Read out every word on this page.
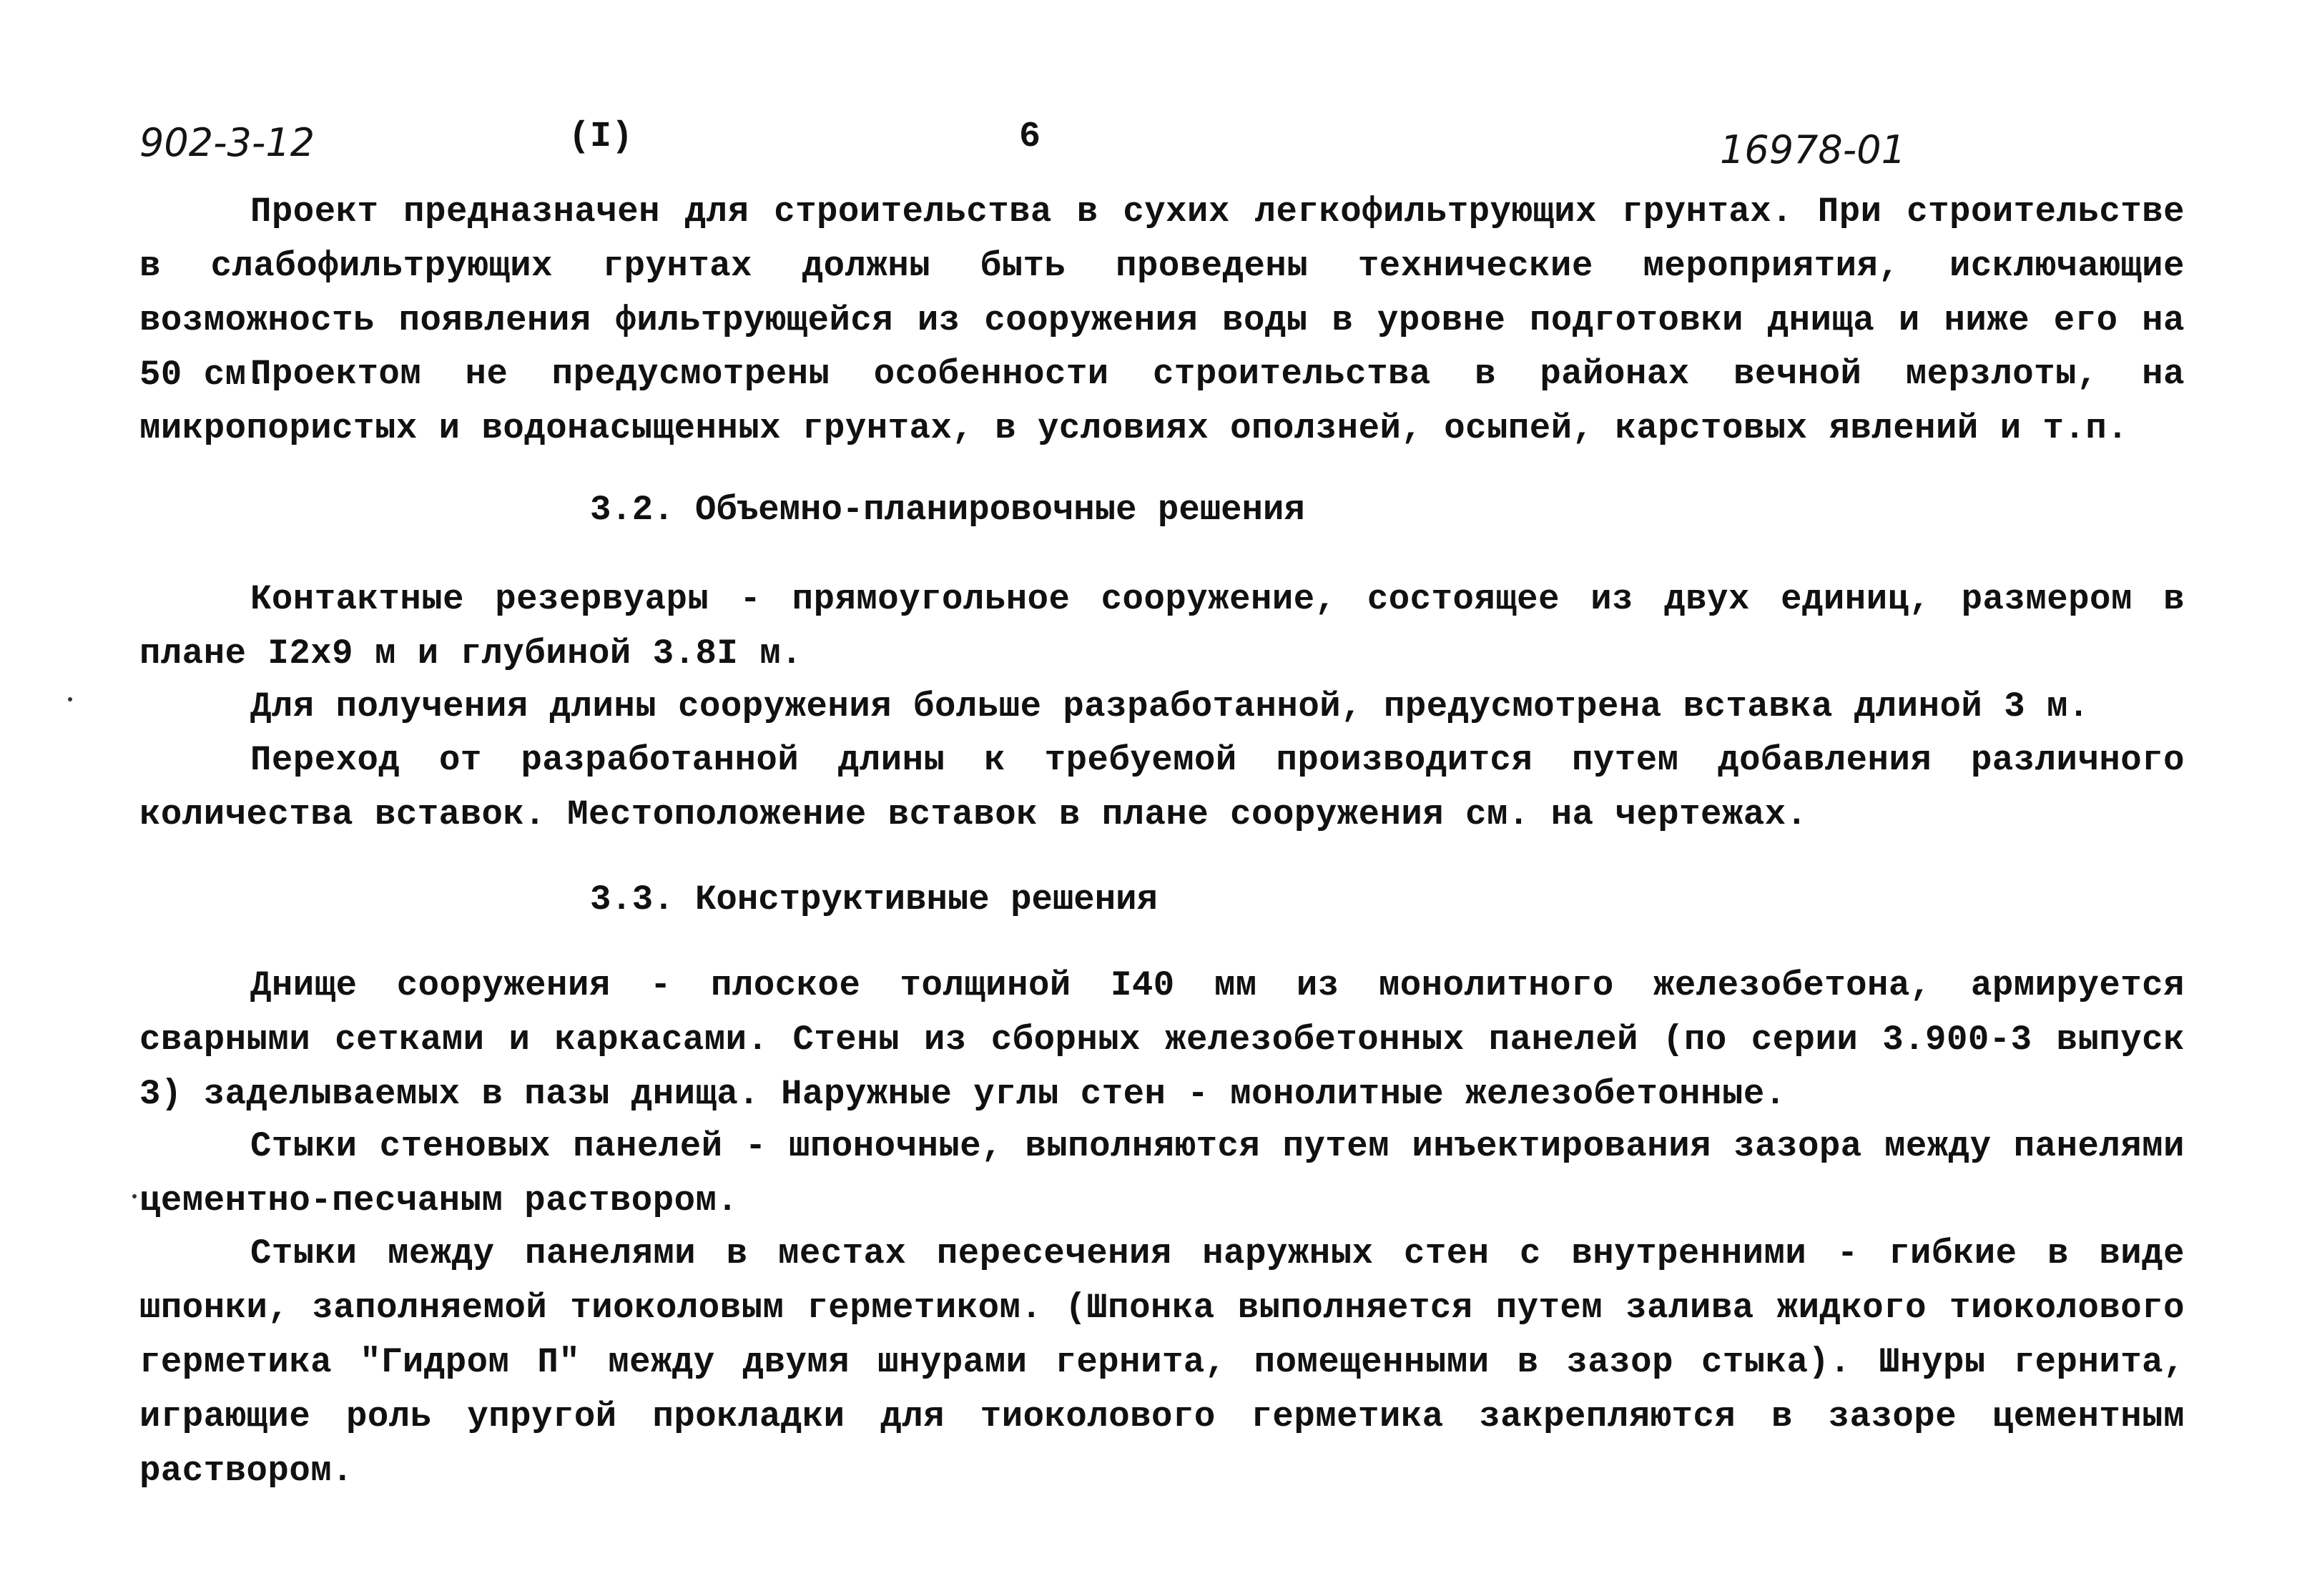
902-3-12	(I)	6	16978-01

Проект предназначен для строительства в сухих легкофильтрующих грунтах. При строительстве в слабофильтрующих грунтах должны быть проведены технические мероприятия, исключающие возможность появления фильтрующейся из сооружения воды в уровне подготовки днища и ниже его на 50 см.

Проектом не предусмотрены особенности строительства в районах вечной мерзлоты, на микропористых и водонасыщенных грунтах, в условиях оползней, осыпей, карстовых явлений и т.п.

3.2. Объемно-планировочные решения

Контактные резервуары - прямоугольное сооружение, состоящее из двух единиц, размером в плане I2x9 м и глубиной 3.8I м.

Для получения длины сооружения больше разработанной, предусмотрена вставка длиной 3 м.

Переход от разработанной длины к требуемой производится путем добавления различного количества вставок. Местоположение вставок в плане сооружения см. на чертежах.

3.3. Конструктивные решения

Днище сооружения - плоское толщиной I40 мм из монолитного железобетона, армируется сварными сетками и каркасами. Стены из сборных железобетонных панелей (по серии 3.900-3 выпуск 3) заделываемых в пазы днища. Наружные углы стен - монолитные железобетонные.

Стыки стеновых панелей - шпоночные, выполняются путем инъектирования зазора между панелями цементно-песчаным раствором.

Стыки между панелями в местах пересечения наружных стен с внутренними - гибкие в виде шпонки, заполняемой тиоколовым герметиком. (Шпонка выполняется путем залива жидкого тиоколового герметика "Гидром П" между двумя шнурами гернита, помещенными в зазор стыка). Шнуры гернита, играющие роль упругой прокладки для тиоколового герметика закрепляются в зазоре цементным раствором.
